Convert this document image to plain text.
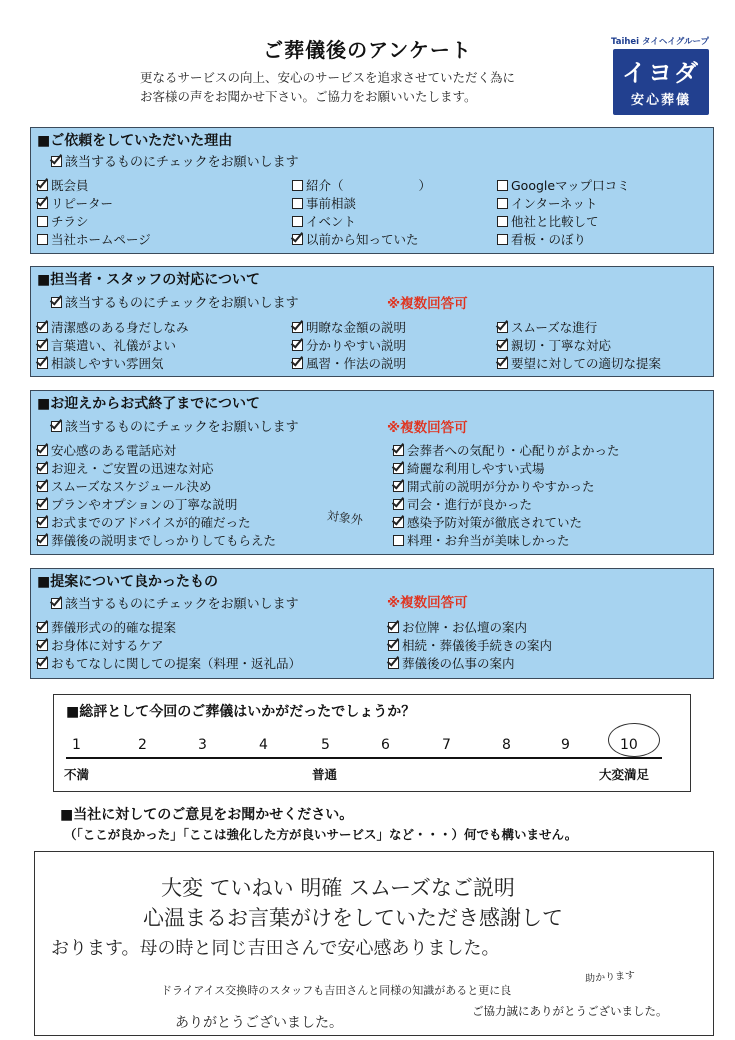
ご葬儀後のアンケート
更なるサービスの向上、安心のサービスを追求させていただく為に
お客様の声をお聞かせ下さい。ご協力をお願いいたします。
Taihei タイヘイグループ
イヨダ
安心葬儀
■ご依頼をしていただいた理由
該当するものにチェックをお願いします
既会員
リピーター
チラシ
当社ホームページ
紹介（　　　　　　）
事前相談
イベント
以前から知っていた
Googleマップ口コミ
インターネット
他社と比較して
看板・のぼり
■担当者・スタッフの対応について
該当するものにチェックをお願いします	※複数回答可
清潔感のある身だしなみ
言葉遣い、礼儀がよい
相談しやすい雰囲気
明瞭な金額の説明
分かりやすい説明
風習・作法の説明
スムーズな進行
親切・丁寧な対応
要望に対しての適切な提案
■お迎えからお式終了までについて
該当するものにチェックをお願いします	※複数回答可
安心感のある電話応対
お迎え・ご安置の迅速な対応
スムーズなスケジュール決め
プランやオプションの丁寧な説明
お式までのアドバイスが的確だった
葬儀後の説明までしっかりしてもらえた
会葬者への気配り・心配りがよかった
綺麗な利用しやすい式場
開式前の説明が分かりやすかった
司会・進行が良かった
感染予防対策が徹底されていた
料理・お弁当が美味しかった
対象外
■提案について良かったもの
該当するものにチェックをお願いします	※複数回答可
葬儀形式の的確な提案
お身体に対するケア
おもてなしに関しての提案（料理・返礼品）
お位牌・お仏壇の案内
相続・葬儀後手続きの案内
葬儀後の仏事の案内
■総評として今回のご葬儀はいかがだったでしょうか？
1	2	3	4	5	6	7	8	9	10
不満	普通	大変満足
■当社に対してのご意見をお聞かせください。
（「ここが良かった」「ここは強化した方が良いサービス」など・・・）何でも構いません。
大変 ていねい 明確 スムーズなご説明
心温まるお言葉がけをしていただき感謝して
おります。母の時と同じ吉田さんで安心感ありました。
ドライアイス交換時のスタッフも吉田さんと同様の知識があると更に良
助かります
ありがとうございました。
ご協力誠にありがとうございました。
